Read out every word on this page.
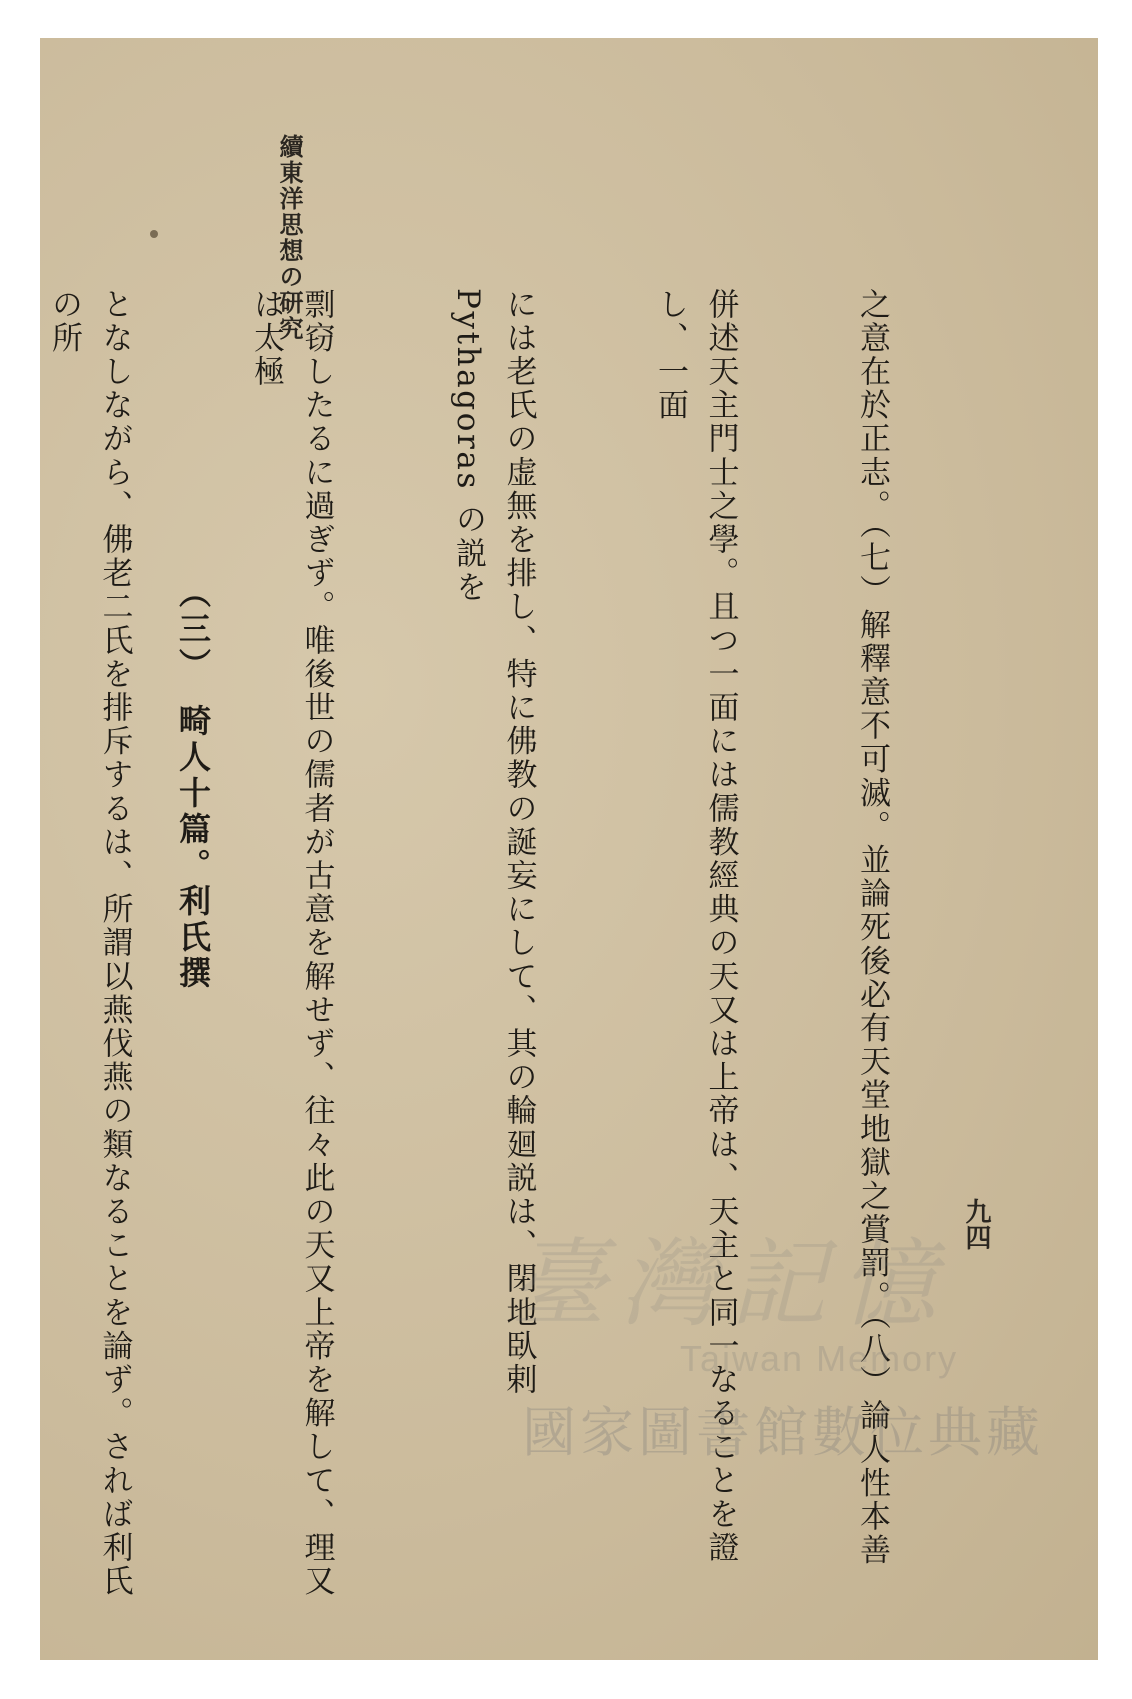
續東洋思想の研究
九四

之意在於正志。（七）解釋意不可滅。並論死後必有天堂地獄之賞罰。（八）論人性本善

併述天主門士之學。且つ一面には儒教經典の天又は上帝は、天主と同一なることを證し、一面

には老氏の虚無を排し、特に佛教の誕妄にして、其の輪廻説は、閉地臥剌 Pythagoras の説を

剽窃したるに過ぎず。唯後世の儒者が古意を解せず、往々此の天又上帝を解して、理又は太極

となしながら、佛老二氏を排斥するは、所謂以燕伐燕の類なることを論ず。されば利氏の所

（三）　畸人十篇。利氏撰
臺灣記憶
Taiwan Memory
國家圖書館數位典藏
